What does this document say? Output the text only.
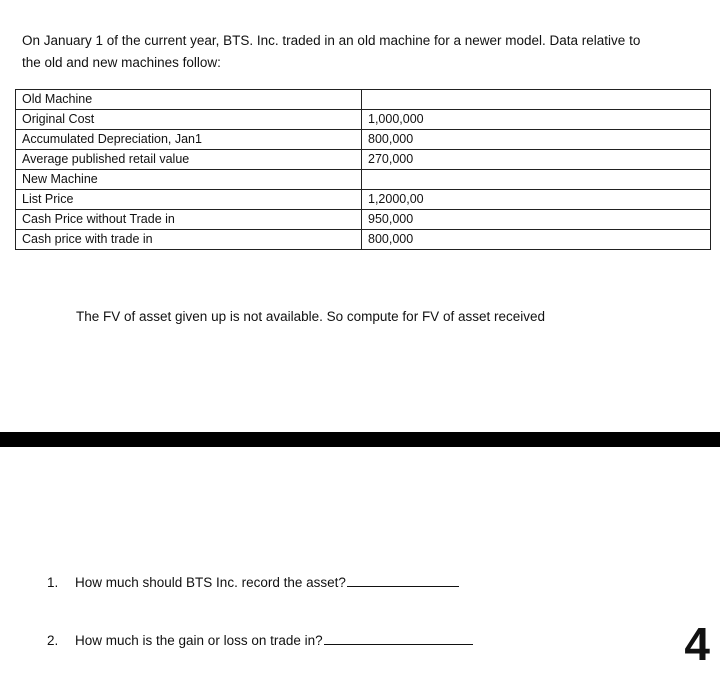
On January 1 of the current year, BTS. Inc. traded in an old machine for a newer model. Data relative to
the old and new machines follow:
Old Machine	
Original Cost	1,000,000
Accumulated Depreciation, Jan1	800,000
Average published retail value	270,000
New Machine	
List Price	1,2000,00
Cash Price without Trade in	950,000
Cash price with trade in	800,000
The FV of asset given up is not available. So compute for FV of asset received
1. How much should BTS Inc. record the asset?
2. How much is the gain or loss on trade in?	4
